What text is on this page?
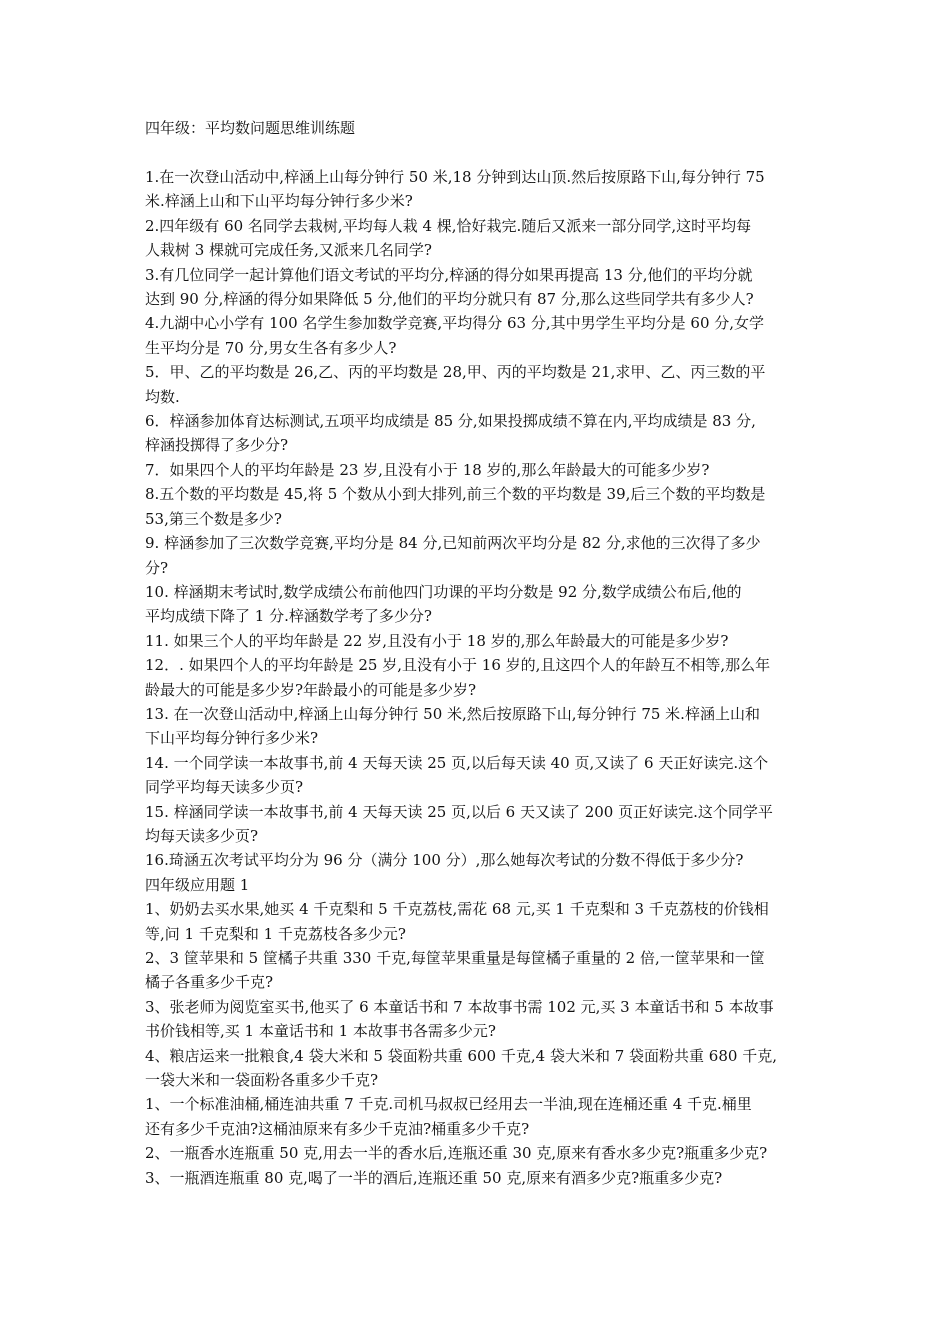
四年级：平均数问题思维训练题

1.在一次登山活动中,梓涵上山每分钟行 50 米,18 分钟到达山顶.然后按原路下山,每分钟行 75

米.梓涵上山和下山平均每分钟行多少米?

2.四年级有 60 名同学去栽树,平均每人栽 4 棵,恰好栽完.随后又派来一部分同学,这时平均每

人栽树 3 棵就可完成任务,又派来几名同学?

3.有几位同学一起计算他们语文考试的平均分,梓涵的得分如果再提高 13 分,他们的平均分就

达到 90 分,梓涵的得分如果降低 5 分,他们的平均分就只有 87 分,那么这些同学共有多少人?

4.九湖中心小学有 100 名学生参加数学竞赛,平均得分 63 分,其中男学生平均分是 60 分,女学

生平均分是 70 分,男女生各有多少人?

5．甲、乙的平均数是 26,乙、丙的平均数是 28,甲、丙的平均数是 21,求甲、乙、丙三数的平

均数.

6．梓涵参加体育达标测试,五项平均成绩是 85 分,如果投掷成绩不算在内,平均成绩是 83 分,

梓涵投掷得了多少分?

7．如果四个人的平均年龄是 23 岁,且没有小于 18 岁的,那么年龄最大的可能多少岁?

8.五个数的平均数是 45,将 5 个数从小到大排列,前三个数的平均数是 39,后三个数的平均数是

53,第三个数是多少?

9. 梓涵参加了三次数学竞赛,平均分是 84 分,已知前两次平均分是 82 分,求他的三次得了多少

分?

10. 梓涵期末考试时,数学成绩公布前他四门功课的平均分数是 92 分,数学成绩公布后,他的

平均成绩下降了 1 分.梓涵数学考了多少分?

11. 如果三个人的平均年龄是 22 岁,且没有小于 18 岁的,那么年龄最大的可能是多少岁?

12．. 如果四个人的平均年龄是 25 岁,且没有小于 16 岁的,且这四个人的年龄互不相等,那么年

龄最大的可能是多少岁?年龄最小的可能是多少岁?

13. 在一次登山活动中,梓涵上山每分钟行 50 米,然后按原路下山,每分钟行 75 米.梓涵上山和

下山平均每分钟行多少米?

14. 一个同学读一本故事书,前 4 天每天读 25 页,以后每天读 40 页,又读了 6 天正好读完.这个

同学平均每天读多少页?

15. 梓涵同学读一本故事书,前 4 天每天读 25 页,以后 6 天又读了 200 页正好读完.这个同学平

均每天读多少页?

16.琦涵五次考试平均分为 96 分（满分 100 分）,那么她每次考试的分数不得低于多少分?

四年级应用题 1

1、奶奶去买水果,她买 4 千克梨和 5 千克荔枝,需花 68 元,买 1 千克梨和 3 千克荔枝的价钱相

等,问 1 千克梨和 1 千克荔枝各多少元?

2、3 筐苹果和 5 筐橘子共重 330 千克,每筐苹果重量是每筐橘子重量的 2 倍,一筐苹果和一筐

橘子各重多少千克?

3、张老师为阅览室买书,他买了 6 本童话书和 7 本故事书需 102 元,买 3 本童话书和 5 本故事

书价钱相等,买 1 本童话书和 1 本故事书各需多少元?

4、粮店运来一批粮食,4 袋大米和 5 袋面粉共重 600 千克,4 袋大米和 7 袋面粉共重 680 千克,

一袋大米和一袋面粉各重多少千克?

1、一个标准油桶,桶连油共重 7 千克.司机马叔叔已经用去一半油,现在连桶还重 4 千克.桶里

还有多少千克油?这桶油原来有多少千克油?桶重多少千克?

2、一瓶香水连瓶重 50 克,用去一半的香水后,连瓶还重 30 克,原来有香水多少克?瓶重多少克?

3、一瓶酒连瓶重 80 克,喝了一半的酒后,连瓶还重 50 克,原来有酒多少克?瓶重多少克?
